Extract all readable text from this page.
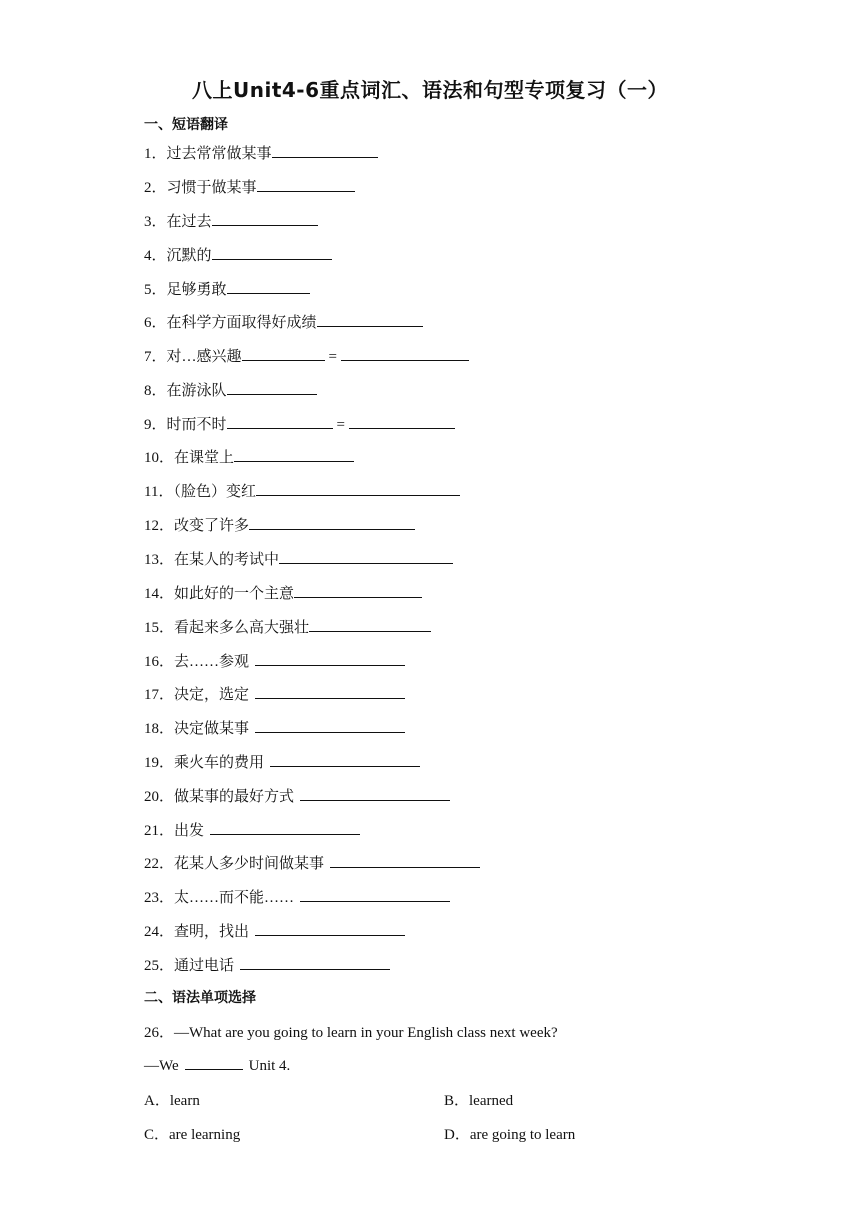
八上Unit4-6重点词汇、语法和句型专项复习（一）
一、短语翻译
1．过去常常做某事
2．习惯于做某事
3．在过去
4．沉默的
5．足够勇敢
6．在科学方面取得好成绩
7．对…感兴趣	=
8．在游泳队
9．时而不时	=
10．在课堂上
11．（脸色）变红
12．改变了许多
13．在某人的考试中
14．如此好的一个主意
15．看起来多么高大强壮
16．去……参观
17．决定，选定
18．决定做某事
19．乘火车的费用
20．做某事的最好方式
21．出发
22．花某人多少时间做某事
23．太……而不能……
24．查明，找出
25．通过电话
二、语法单项选择
26．—What are you going to learn in your English class next week?
—We	Unit 4.
A．learn	B．learned
C．are learning	D．are going to learn
